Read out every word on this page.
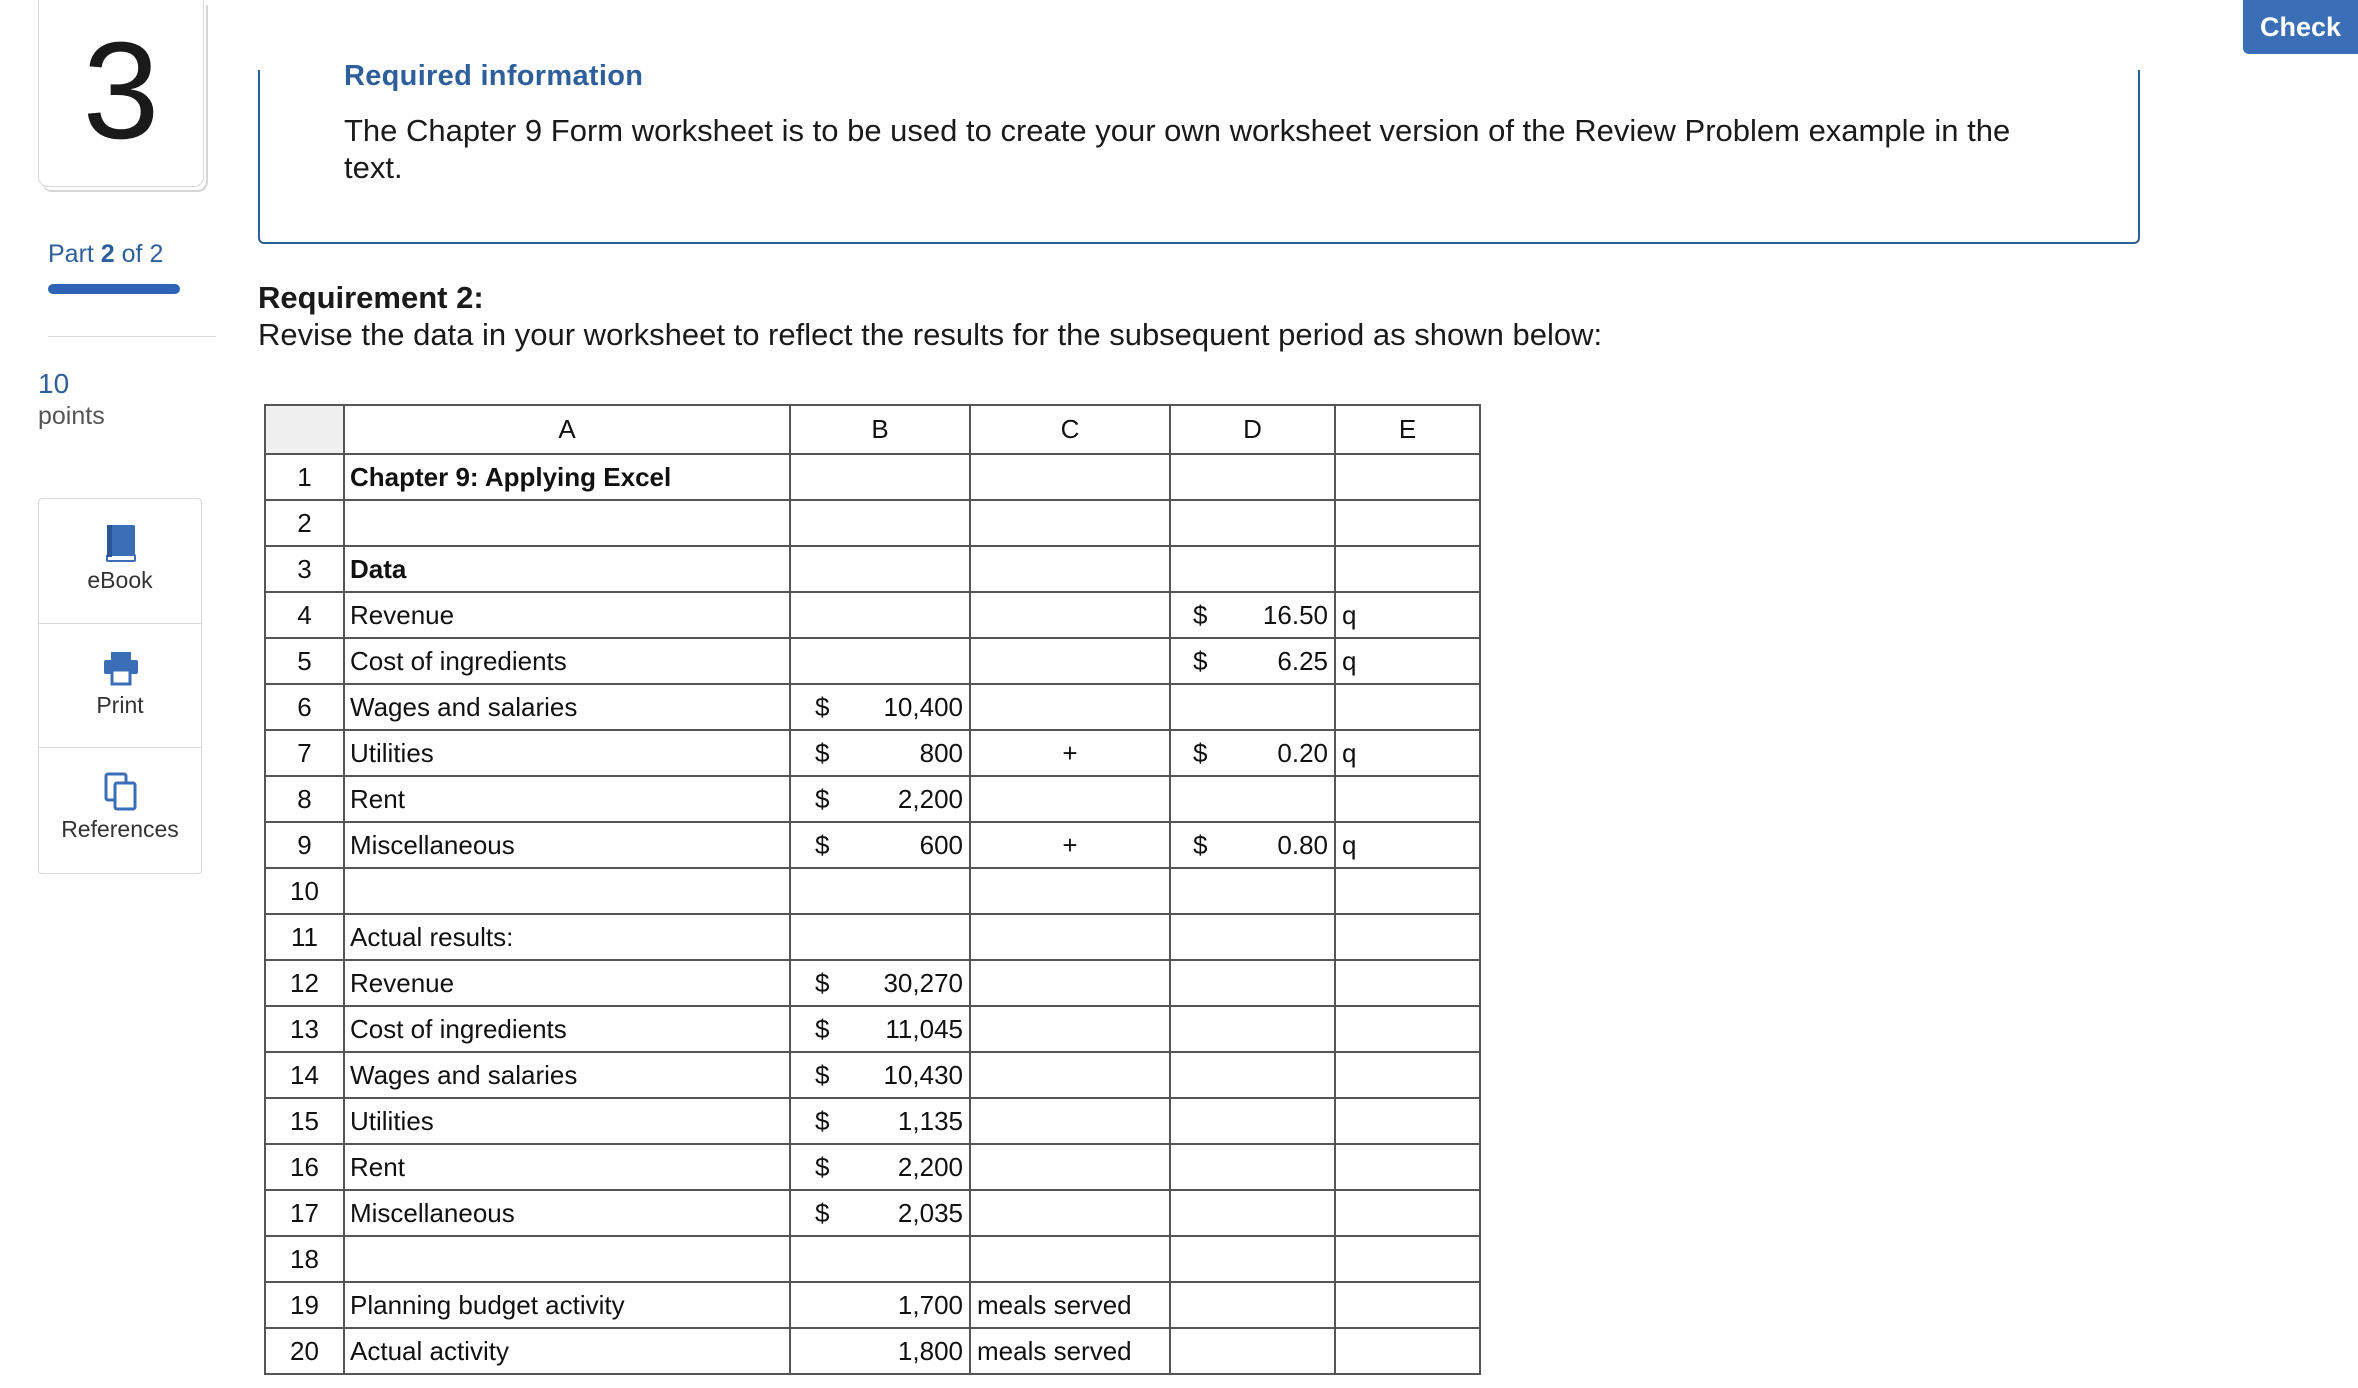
3
Part 2 of 2
10
points
eBook
Print
References
Check
Required information
The Chapter 9 Form worksheet is to be used to create your own worksheet version of the Review Problem example in the text.
Requirement 2:
Revise the data in your worksheet to reflect the results for the subsequent period as shown below:
	A	B	C	D	E
1	Chapter 9: Applying Excel				
2					
3	Data				
4	Revenue			$ 16.50	q
5	Cost of ingredients			$ 6.25	q
6	Wages and salaries	$ 10,400			

7	Utilities	$ 800	+	$ 0.20	q
8	Rent	$ 2,200			

9	Miscellaneous	$ 600	+	$ 0.80	q
10					
11	Actual results:				
12	Revenue	$ 30,270			

13	Cost of ingredients	$ 11,045			

14	Wages and salaries	$ 10,430			

15	Utilities	$ 1,135			

16	Rent	$ 2,200			

17	Miscellaneous	$ 2,035			

18					
19	Planning budget activity	1,700	meals served		
20	Actual activity	1,800	meals served		
